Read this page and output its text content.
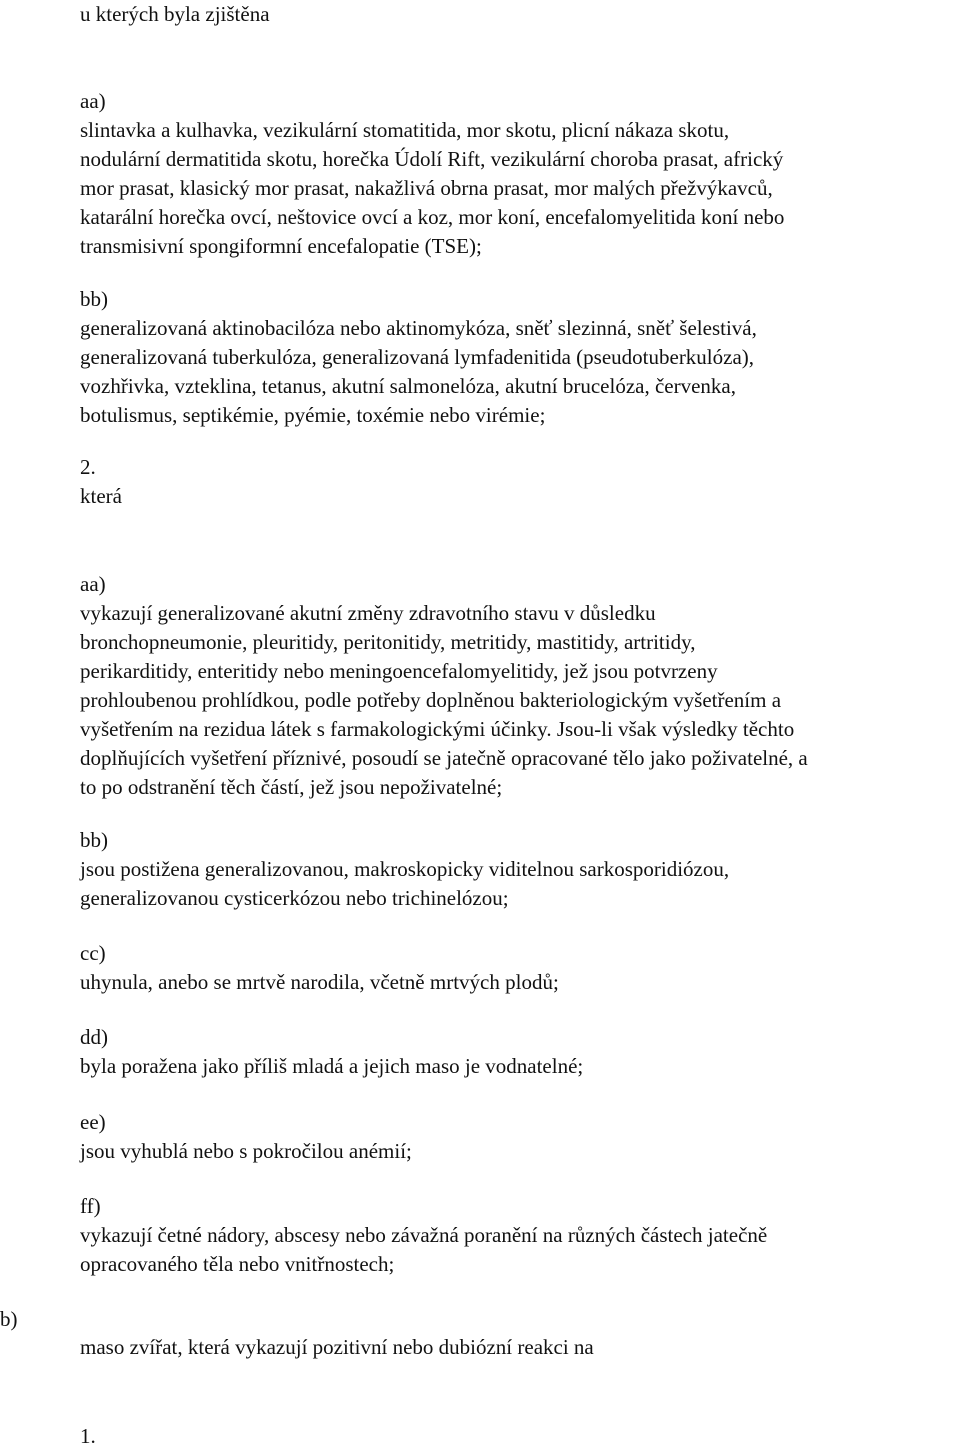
u kterých byla zjištěna

aa)

slintavka a kulhavka, vezikulární stomatitida, mor skotu, plicní nákaza skotu,
nodulární dermatitida skotu, horečka Údolí Rift, vezikulární choroba prasat, africký
mor prasat, klasický mor prasat, nakažlivá obrna prasat, mor malých přežvýkavců,
katarální horečka ovcí, neštovice ovcí a koz, mor koní, encefalomyelitida koní nebo
transmisivní spongiformní encefalopatie (TSE);

bb)

generalizovaná aktinobacilóza nebo aktinomykóza, sněť slezinná, sněť šelestivá,
generalizovaná tuberkulóza, generalizovaná lymfadenitida (pseudotuberkulóza),
vozhřivka, vzteklina, tetanus, akutní salmonelóza, akutní brucelóza, červenka,
botulismus, septikémie, pyémie, toxémie nebo virémie;

2.

která

aa)

vykazují generalizované akutní změny zdravotního stavu v důsledku
bronchopneumonie, pleuritidy, peritonitidy, metritidy, mastitidy, artritidy,
perikarditidy, enteritidy nebo meningoencefalomyelitidy, jež jsou potvrzeny
prohloubenou prohlídkou, podle potřeby doplněnou bakteriologickým vyšetřením a
vyšetřením na rezidua látek s farmakologickými účinky. Jsou-li však výsledky těchto
doplňujících vyšetření příznivé, posoudí se jatečně opracované tělo jako poživatelné, a
to po odstranění těch částí, jež jsou nepoživatelné;

bb)

jsou postižena generalizovanou, makroskopicky viditelnou sarkosporidiózou,
generalizovanou cysticerkózou nebo trichinelózou;

cc)

uhynula, anebo se mrtvě narodila, včetně mrtvých plodů;

dd)

byla poražena jako příliš mladá a jejich maso je vodnatelné;

ee)

jsou vyhublá nebo s pokročilou anémií;

ff)

vykazují četné nádory, abscesy nebo závažná poranění na různých částech jatečně
opracovaného těla nebo vnitřnostech;

b)

maso zvířat, která vykazují pozitivní nebo dubiózní reakci na

1.
